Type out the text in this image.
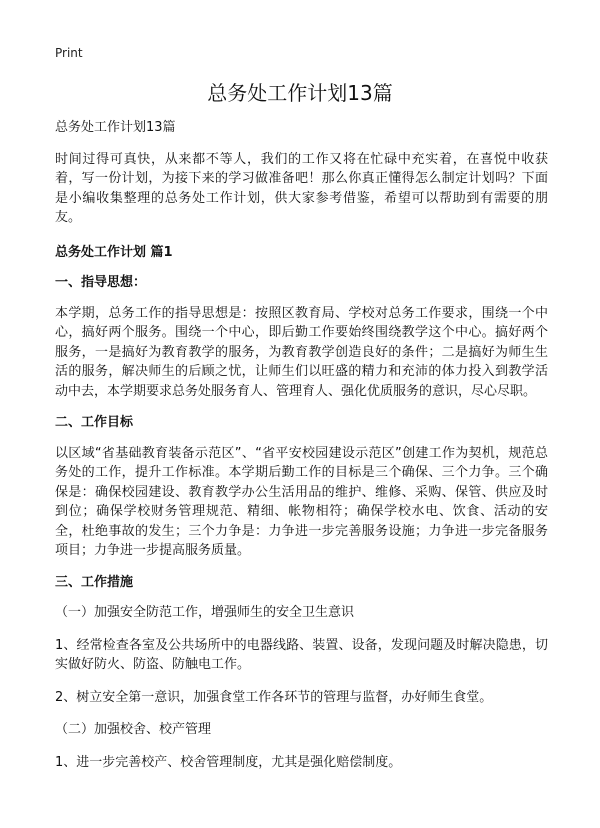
Print
总务处工作计划13篇

总务处工作计划13篇

时间过得可真快，从来都不等人，我们的工作又将在忙碌中充实着，在喜悦中收获着，写一份计划，为接下来的学习做准备吧！那么你真正懂得怎么制定计划吗？下面是小编收集整理的总务处工作计划，供大家参考借鉴，希望可以帮助到有需要的朋友。

总务处工作计划 篇1

一、指导思想：

本学期，总务工作的指导思想是：按照区教育局、学校对总务工作要求，围绕一个中心，搞好两个服务。围绕一个中心，即后勤工作要始终围绕教学这个中心。搞好两个服务，一是搞好为教育教学的服务，为教育教学创造良好的条件；二是搞好为师生生活的服务，解决师生的后顾之忧，让师生们以旺盛的精力和充沛的体力投入到教学活动中去，本学期要求总务处服务育人、管理育人、强化优质服务的意识，尽心尽职。

二、工作目标

以区域“省基础教育装备示范区”、“省平安校园建设示范区”创建工作为契机，规范总务处的工作，提升工作标准。本学期后勤工作的目标是三个确保、三个力争。三个确保是：确保校园建设、教育教学办公生活用品的维护、维修、采购、保管、供应及时到位；确保学校财务管理规范、精细、帐物相符；确保学校水电、饮食、活动的安全，杜绝事故的发生；三个力争是：力争进一步完善服务设施；力争进一步完备服务项目；力争进一步提高服务质量。

三、工作措施

（一）加强安全防范工作，增强师生的安全卫生意识

1、经常检查各室及公共场所中的电器线路、装置、设备，发现问题及时解决隐患，切实做好防火、防盗、防触电工作。

2、树立安全第一意识，加强食堂工作各环节的管理与监督，办好师生食堂。

（二）加强校舍、校产管理

1、进一步完善校产、校舍管理制度，尤其是强化赔偿制度。
